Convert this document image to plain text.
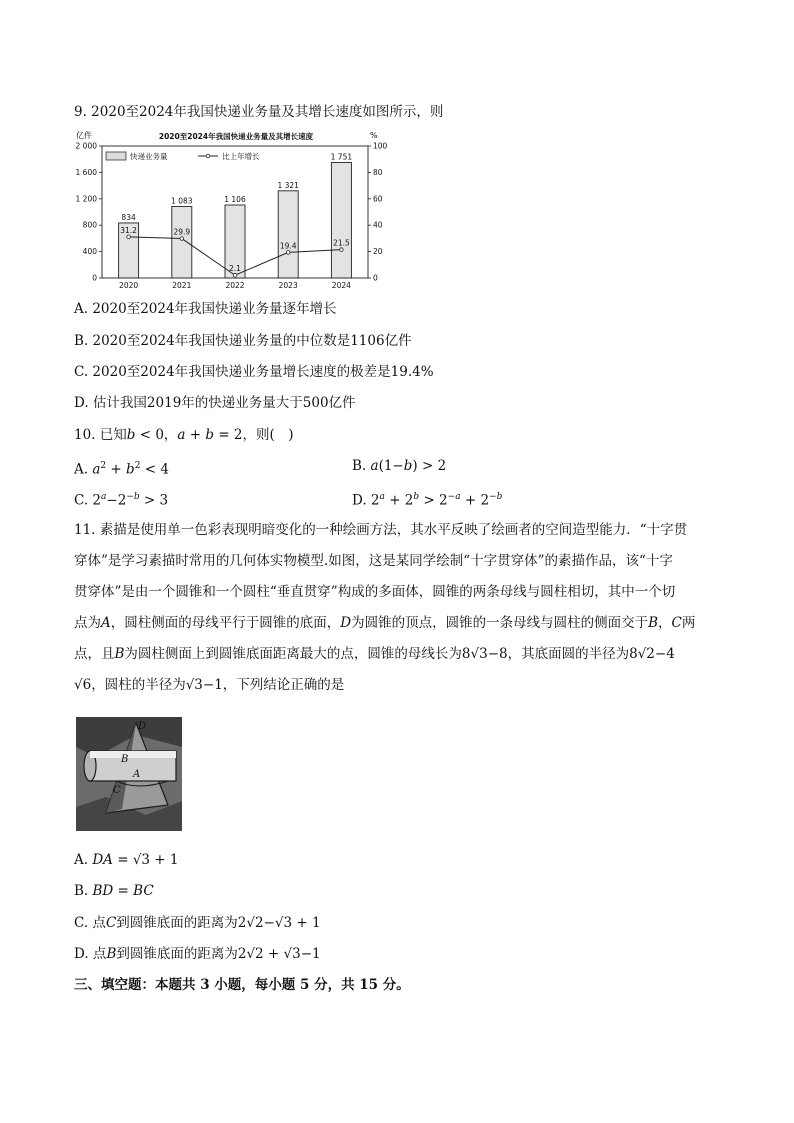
9. 2020至2024年我国快递业务量及其增长速度如图所示，则
亿件	%
2020至2024年我国快递业务量及其增长速度
0
400
800
1 200
1 600
2 000
0
20
40
60
80
100
834
2020
1 083
2021
1 106
2022
1 321
2023
1 751
2024
31.2	29.9
2.1
19.4	21.5
快递业务量	比上年增长
A. 2020至2024年我国快递业务量逐年增长
B. 2020至2024年我国快递业务量的中位数是1106亿件
C. 2020至2024年我国快递业务量增长速度的极差是19.4%
D. 估计我国2019年的快递业务量大于500亿件
10. 已知b < 0，a + b = 2，则(　)
A. $a^2 + b^2 < 4$	B. a(1−b) > 2
C. $2^a-2^{-b} > 3$	D. $2^a + 2^b > 2^{-a} + 2^{-b}$
11. 素描是使用单一色彩表现明暗变化的一种绘画方法，其水平反映了绘画者的空间造型能力．“十字贯
穿体”是学习素描时常用的几何体实物模型.如图，这是某同学绘制“十字贯穿体”的素描作品，该“十字
贯穿体”是由一个圆锥和一个圆柱“垂直贯穿”构成的多面体，圆锥的两条母线与圆柱相切，其中一个切
点为A，圆柱侧面的母线平行于圆锥的底面，D为圆锥的顶点，圆锥的一条母线与圆柱的侧面交于B，C两
点，且B为圆柱侧面上到圆锥底面距离最大的点，圆锥的母线长为8√3−8，其底面圆的半径为8√2−4
√6，圆柱的半径为√3−1，下列结论正确的是
D
B
A
C
A. DA = √3 + 1
B. BD = BC
C. 点C到圆锥底面的距离为2√2−√3 + 1
D. 点B到圆锥底面的距离为2√2 + √3−1
三、填空题：本题共 3 小题，每小题 5 分，共 15 分。
